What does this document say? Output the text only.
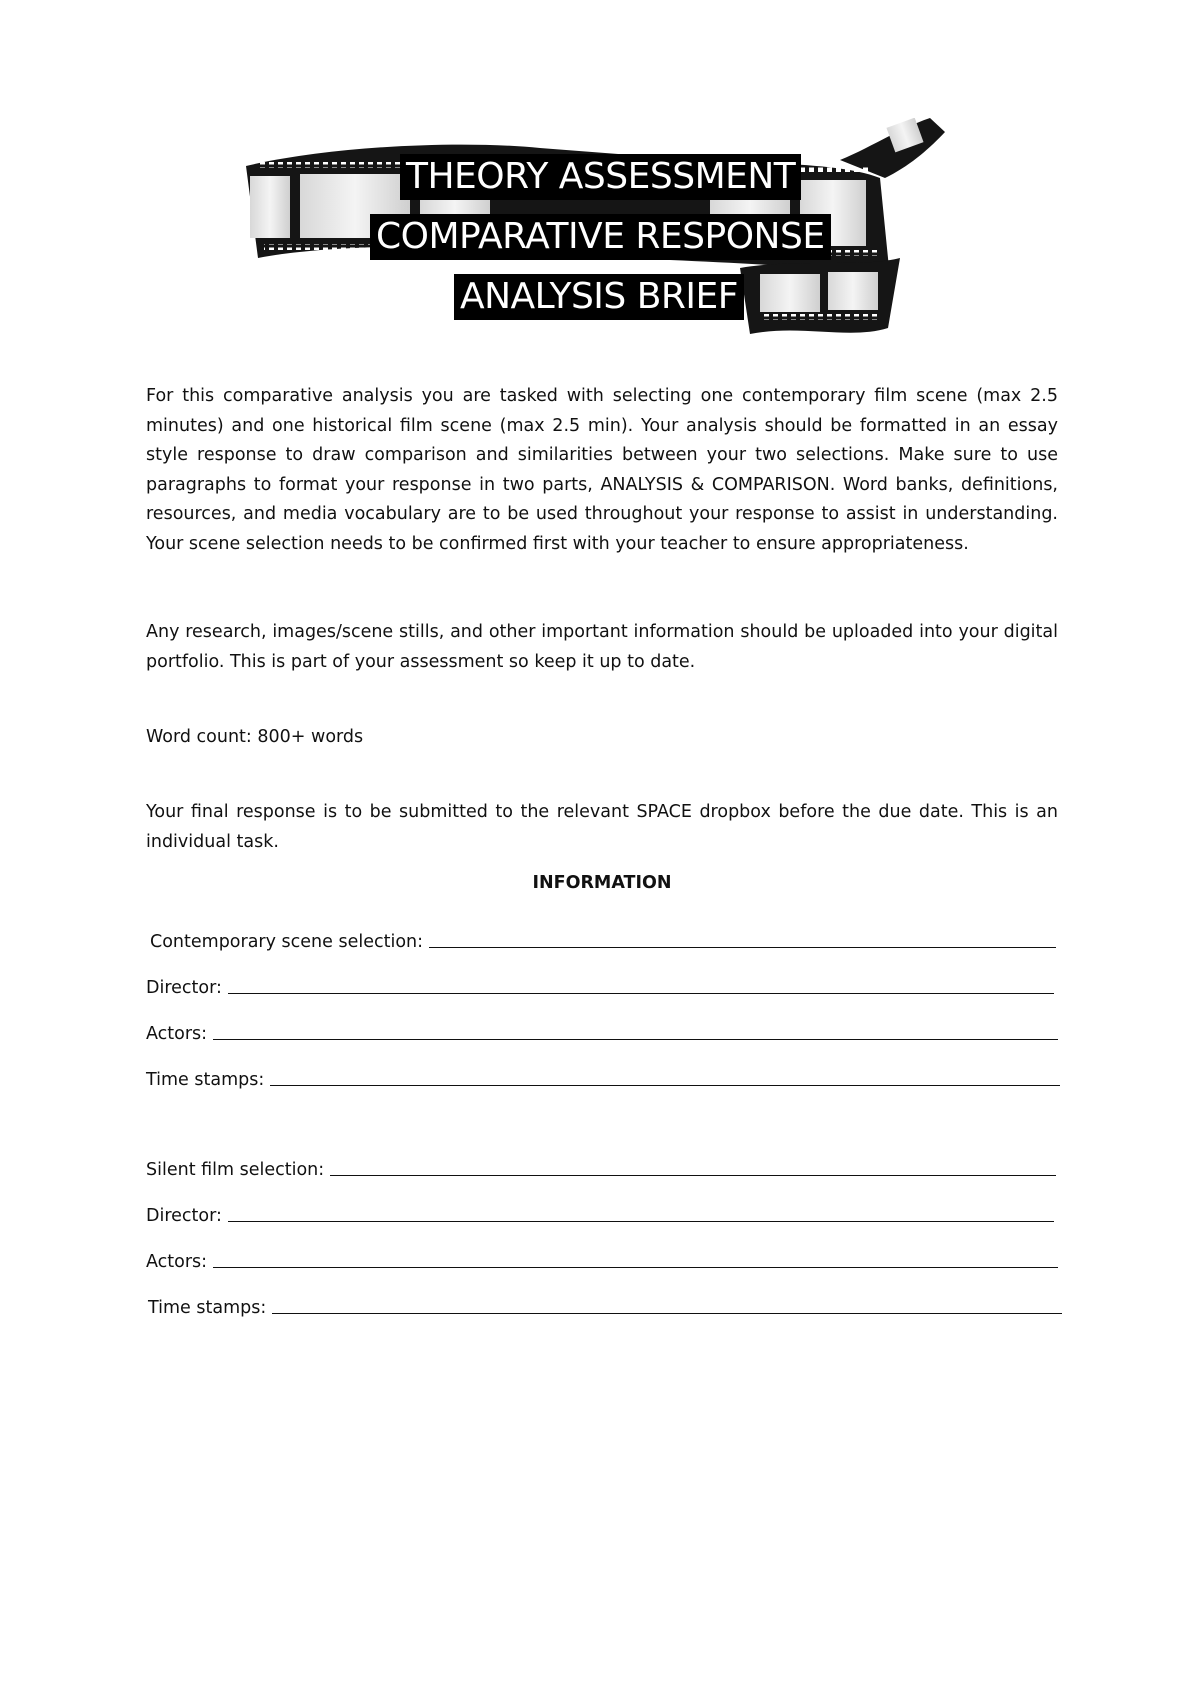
THEORY ASSESSMENT
COMPARATIVE RESPONSE
ANALYSIS BRIEF

For this comparative analysis you are tasked with selecting one contemporary film scene (max 2.5 minutes) and one historical film scene (max 2.5 min). Your analysis should be formatted in an essay style response to draw comparison and similarities between your two selections. Make sure to use paragraphs to format your response in two parts, ANALYSIS & COMPARISON. Word banks, definitions, resources, and media vocabulary are to be used throughout your response to assist in understanding. Your scene selection needs to be confirmed first with your teacher to ensure appropriateness.

Any research, images/scene stills, and other important information should be uploaded into your digital portfolio. This is part of your assessment so keep it up to date.

Word count: 800+ words

Your final response is to be submitted to the relevant SPACE dropbox before the due date. This is an individual task.

INFORMATION
Contemporary scene selection:
Director:
Actors:
Time stamps:
Silent film selection:
Director:
Actors:
Time stamps:
